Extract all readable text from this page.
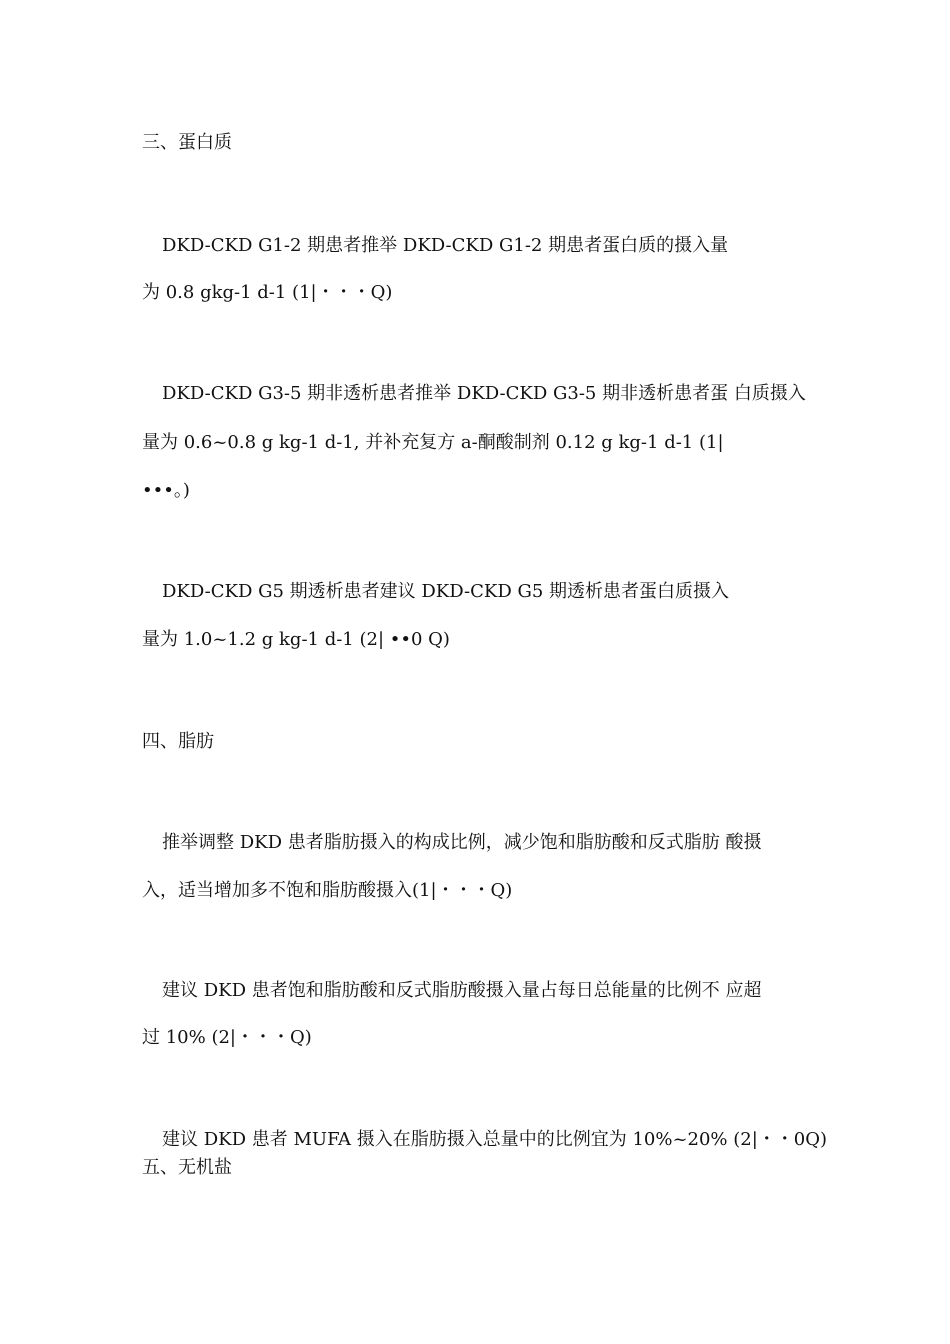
三、蛋白质
DKD-CKD G1-2 期患者推举 DKD-CKD G1-2 期患者蛋白质的摄入量
为 0.8 gkg-1 d-1 (1|・・・Q)
DKD-CKD G3-5 期非透析患者推举 DKD-CKD G3-5 期非透析患者蛋 白质摄入
量为 0.6~0.8 g kg-1 d-1, 并补充复方 a-酮酸制剂 0.12 g kg-1 d-1 (1|
•••。)
DKD-CKD G5 期透析患者建议 DKD-CKD G5 期透析患者蛋白质摄入
量为 1.0~1.2 g kg-1 d-1 (2| ••0 Q)
四、脂肪
推举调整 DKD 患者脂肪摄入的构成比例，减少饱和脂肪酸和反式脂肪 酸摄
入，适当增加多不饱和脂肪酸摄入(1|・・・Q)
建议 DKD 患者饱和脂肪酸和反式脂肪酸摄入量占每日总能量的比例不 应超
过 10% (2|・・・Q)
建议 DKD 患者 MUFA 摄入在脂肪摄入总量中的比例宜为 10%~20% (2|・・0Q)
五、无机盐
